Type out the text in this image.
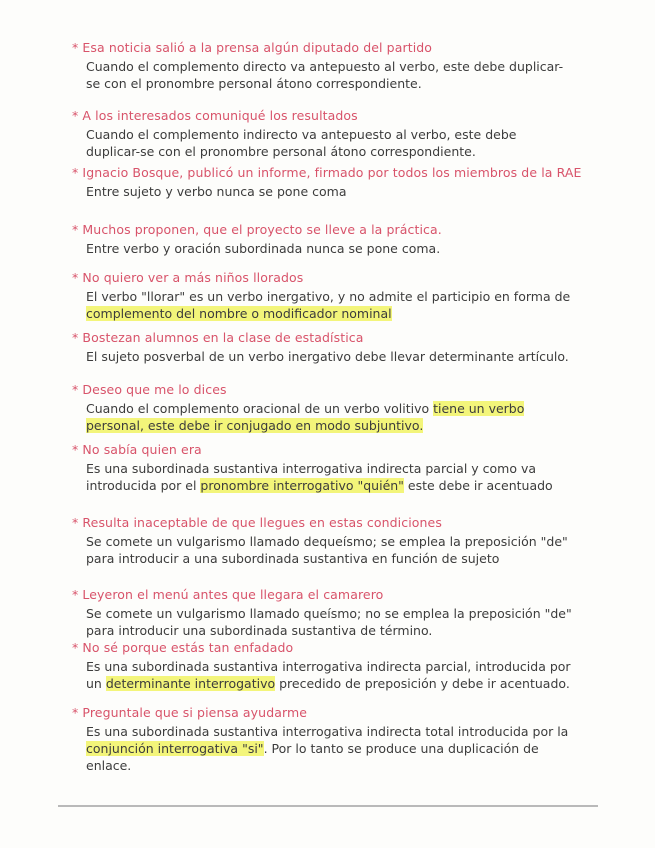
* Esa noticia salió a la prensa algún diputado del partido
Cuando el complemento directo va antepuesto al verbo, este debe duplicar-se con el pronombre personal átono correspondiente.
* A los interesados comuniqué los resultados
Cuando el complemento indirecto va antepuesto al verbo, este debe duplicar-se con el pronombre personal átono correspondiente.
* Ignacio Bosque, publicó un informe, firmado por todos los miembros de la RAE
Entre sujeto y verbo nunca se pone coma
* Muchos proponen, que el proyecto se lleve a la práctica.
Entre verbo y oración subordinada nunca se pone coma.
* No quiero ver a más niños llorados
El verbo "llorar" es un verbo inergativo, y no admite el participio en forma de complemento del nombre o modificador nominal
* Bostezan alumnos en la clase de estadística
El sujeto posverbal de un verbo inergativo debe llevar determinante artículo.
* Deseo que me lo dices
Cuando el complemento oracional de un verbo volitivo tiene un verbo personal, este debe ir conjugado en modo subjuntivo.
* No sabía quien era
Es una subordinada sustantiva interrogativa indirecta parcial y como va introducida por el pronombre interrogativo "quién" este debe ir acentuado
* Resulta inaceptable de que llegues en estas condiciones
Se comete un vulgarismo llamado dequeísmo; se emplea la preposición "de" para introducir a una subordinada sustantiva en función de sujeto
* Leyeron el menú antes que llegara el camarero
Se comete un vulgarismo llamado queísmo; no se emplea la preposición "de" para introducir una subordinada sustantiva de término.
* No sé porque estás tan enfadado
Es una subordinada sustantiva interrogativa indirecta parcial, introducida por un determinante interrogativo precedido de preposición y debe ir acentuado.
* Preguntale que si piensa ayudarme
Es una subordinada sustantiva interrogativa indirecta total introducida por la conjunción interrogativa "si". Por lo tanto se produce una duplicación de enlace.
